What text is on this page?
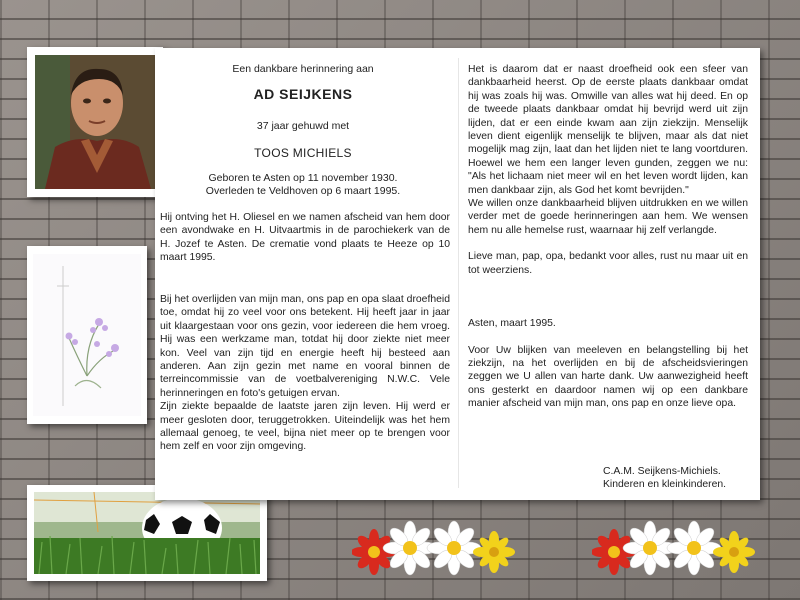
Een dankbare herinnering aan
AD SEIJKENS
37 jaar gehuwd met
TOOS MICHIELS
Geboren te Asten op 11 november 1930.
Overleden te Veldhoven op 6 maart 1995.
Hij ontving het H. Oliesel en we namen afscheid van hem door een avondwake en H. Uitvaartmis in de parochiekerk van de H. Jozef te Asten. De crematie vond plaats te Heeze op 10 maart 1995.
Bij het overlijden van mijn man, ons pap en opa slaat droefheid toe, omdat hij zo veel voor ons betekent. Hij heeft jaar in jaar uit klaargestaan voor ons gezin, voor iedereen die hem vroeg. Hij was een werkzame man, totdat hij door ziekte niet meer kon. Veel van zijn tijd en energie heeft hij besteed aan anderen. Aan zijn gezin met name en vooral binnen de terreincommissie van de voetbalvereniging N.W.C. Vele herinneringen en foto's getuigen ervan.
Zijn ziekte bepaalde de laatste jaren zijn leven. Hij werd er meer gesloten door, teruggetrokken. Uiteindelijk was het hem allemaal genoeg, te veel, bijna niet meer op te brengen voor hem zelf en voor zijn omgeving.
Het is daarom dat er naast droefheid ook een sfeer van dankbaarheid heerst. Op de eerste plaats dankbaar omdat hij was zoals hij was. Omwille van alles wat hij deed. En op de tweede plaats dankbaar omdat hij bevrijd werd uit zijn lijden, dat er een einde kwam aan zijn ziekzijn. Menselijk leven dient eigenlijk menselijk te blijven, maar als dat niet mogelijk mag zijn, laat dan het lijden niet te lang voortduren. Hoewel we hem een langer leven gunden, zeggen we nu: "Als het lichaam niet meer wil en het leven wordt lijden, kan men dankbaar zijn, als God het komt bevrijden."
We willen onze dankbaarheid blijven uitdrukken en we willen verder met de goede herinneringen aan hem. We wensen hem nu alle hemelse rust, waarnaar hij zelf verlangde.
Lieve man, pap, opa, bedankt voor alles, rust nu maar uit en tot weerziens.
Asten, maart 1995.
Voor Uw blijken van meeleven en belangstelling bij het ziekzijn, na het overlijden en bij de afscheidsvieringen zeggen we U allen van harte dank. Uw aanwezigheid heeft ons gesterkt en daardoor namen wij op een dankbare manier afscheid van mijn man, ons pap en onze lieve opa.
C.A.M. Seijkens-Michiels.
Kinderen en kleinkinderen.
